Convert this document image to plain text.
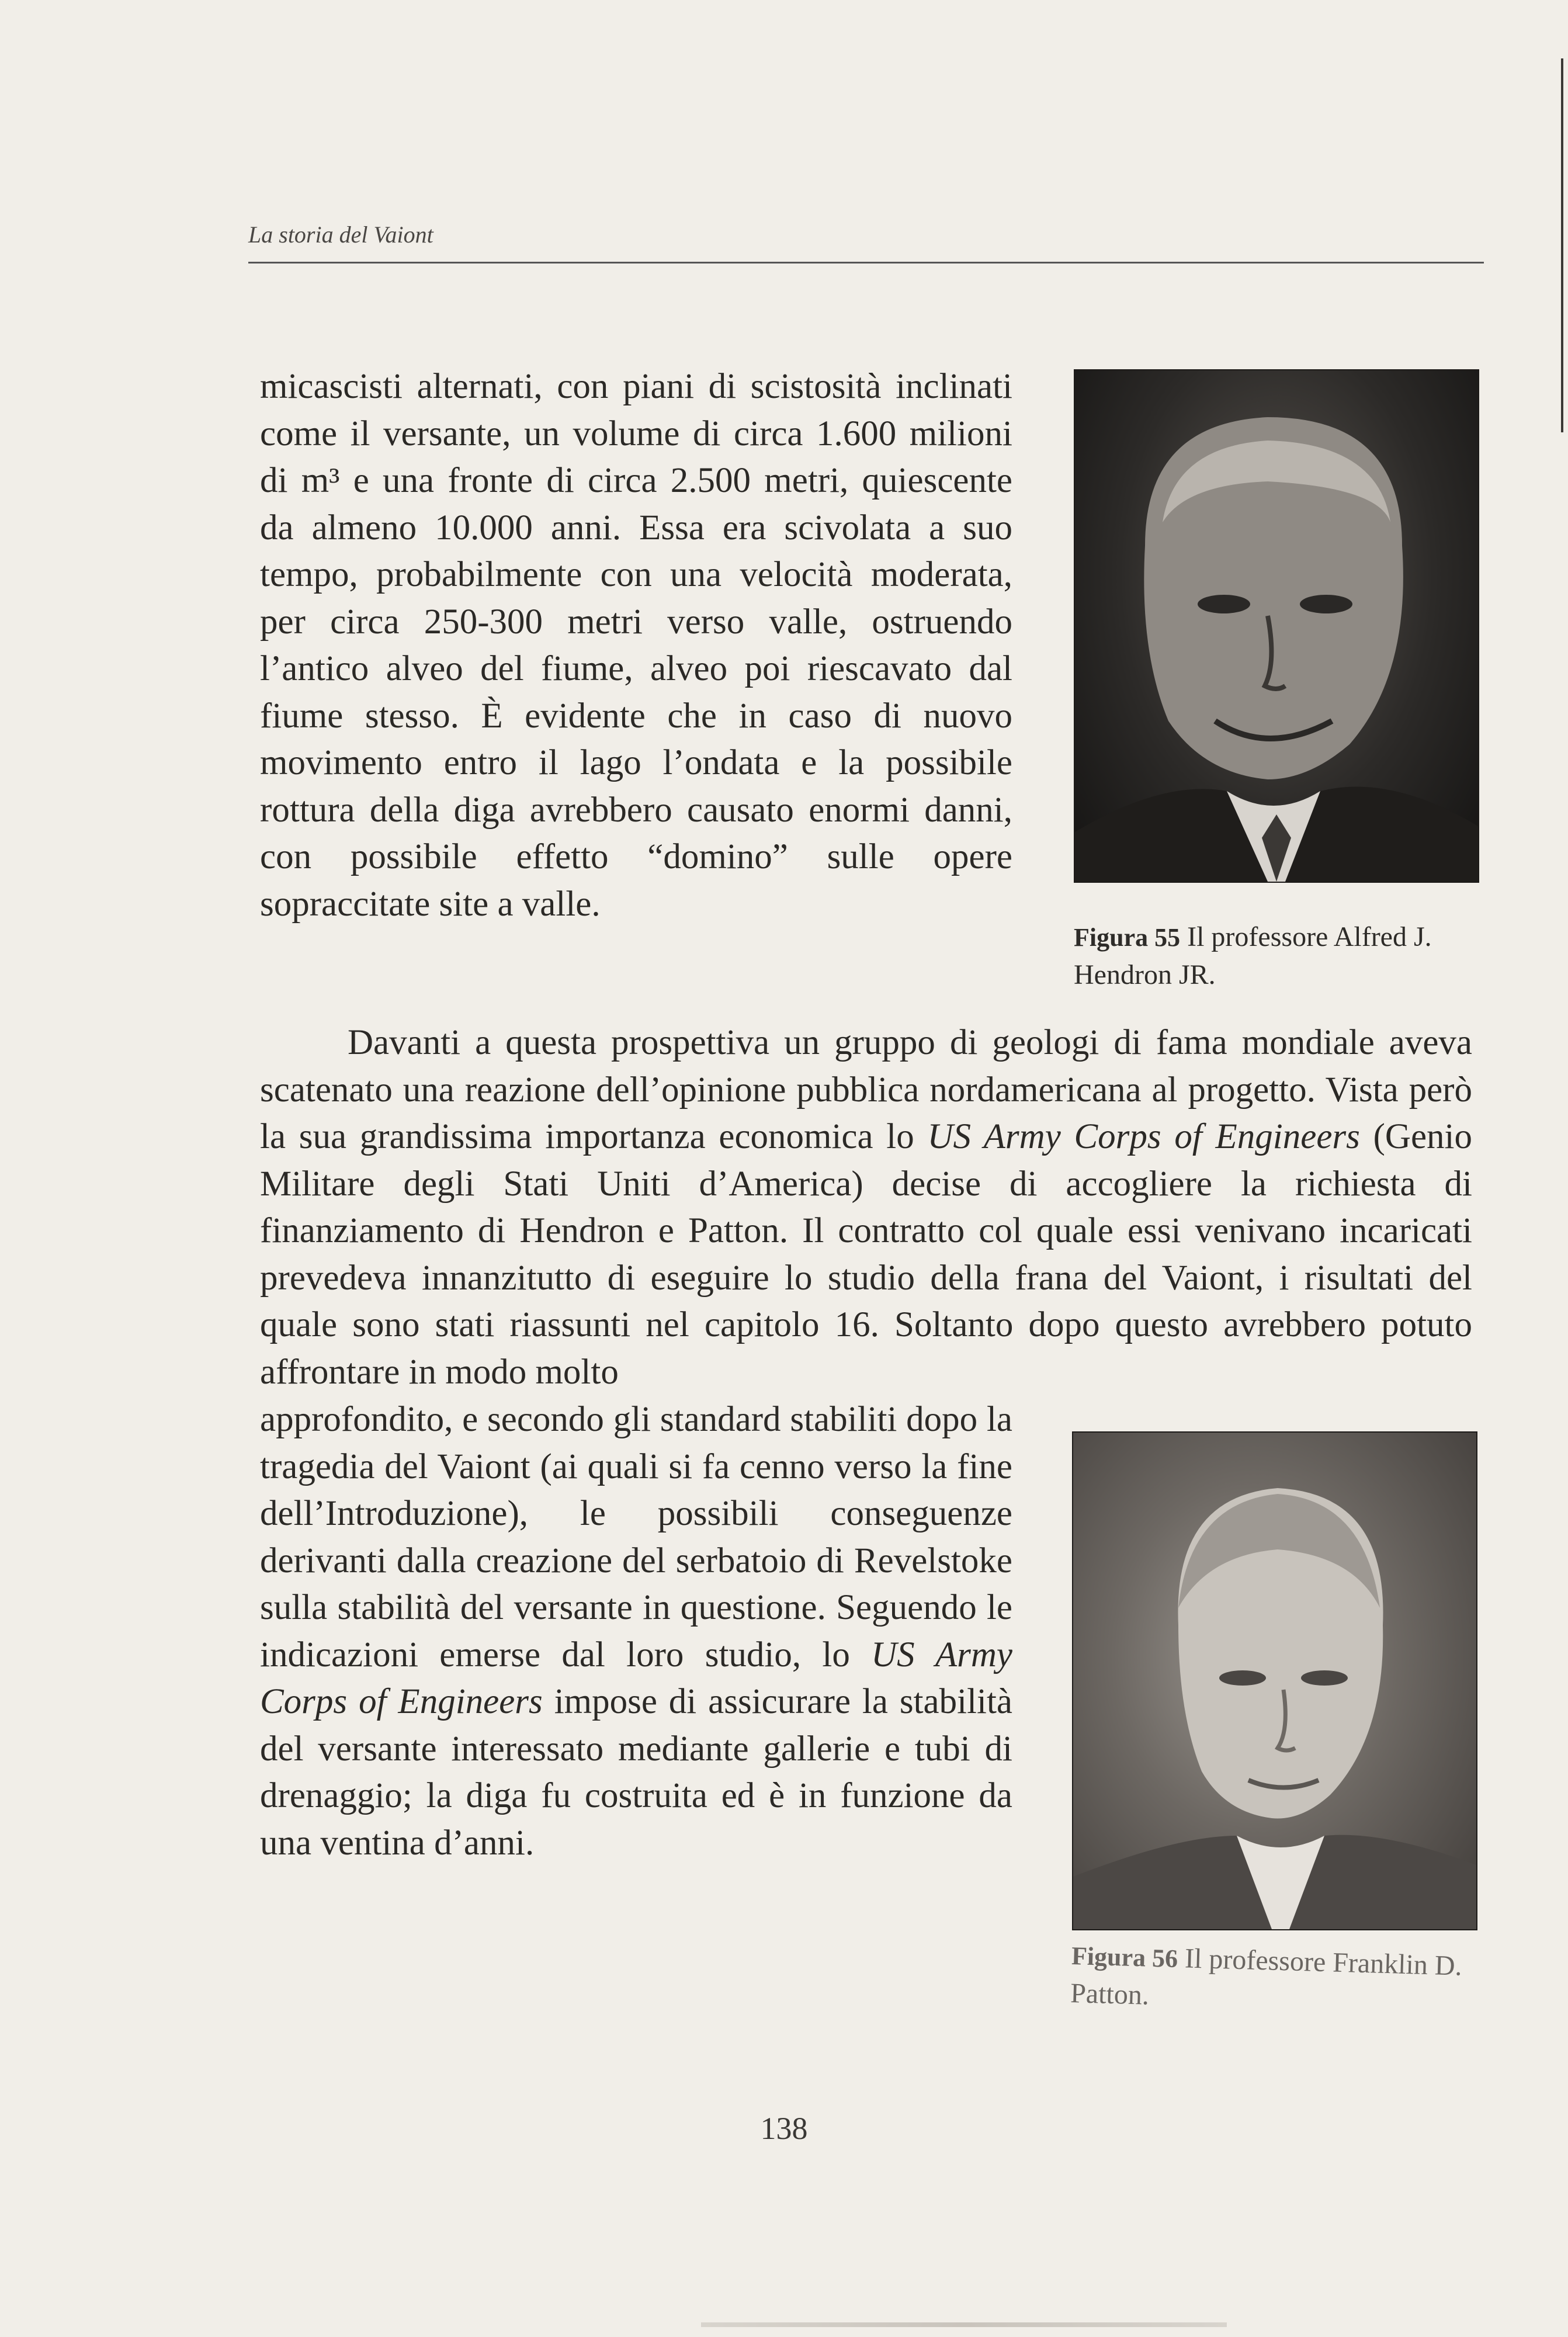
La storia del Vaiont

micascisti alternati, con piani di scistosità inclinati come il versante, un volume di circa 1.600 milioni di m³ e una fronte di circa 2.500 metri, quiescente da almeno 10.000 anni. Essa era scivolata a suo tempo, probabilmente con una velocità moderata, per circa 250-300 metri verso valle, ostruendo l’antico alveo del fiume, alveo poi riescavato dal fiume stesso. È evidente che in caso di nuovo movimento entro il lago l’ondata e la possibile rottura della diga avrebbero causato enormi danni, con possibile effetto “domino” sulle opere sopraccitate site a valle.

Figura 55 Il professore Alfred J. Hendron JR.

Davanti a questa prospettiva un gruppo di geologi di fama mondiale aveva scatenato una reazione dell’opinione pubblica nordamericana al progetto. Vista però la sua grandissima importanza economica lo US Army Corps of Engineers (Genio Militare degli Stati Uniti d’America) decise di accogliere la richiesta di finanziamento di Hendron e Patton. Il contratto col quale essi venivano incaricati prevedeva innanzitutto di eseguire lo studio della frana del Vaiont, i risultati del quale sono stati riassunti nel capitolo 16. Soltanto dopo questo avrebbero potuto affrontare in modo molto

approfondito, e secondo gli standard stabiliti dopo la tragedia del Vaiont (ai quali si fa cenno verso la fine dell’Introduzione), le possibili conseguenze derivanti dalla creazione del serbatoio di Revelstoke sulla stabilità del versante in questione. Seguendo le indicazioni emerse dal loro studio, lo US Army Corps of Engineers impose di assicurare la stabilità del versante interessato mediante gallerie e tubi di drenaggio; la diga fu costruita ed è in funzione da una ventina d’anni.

Figura 56 Il professore Franklin D. Patton.

138
